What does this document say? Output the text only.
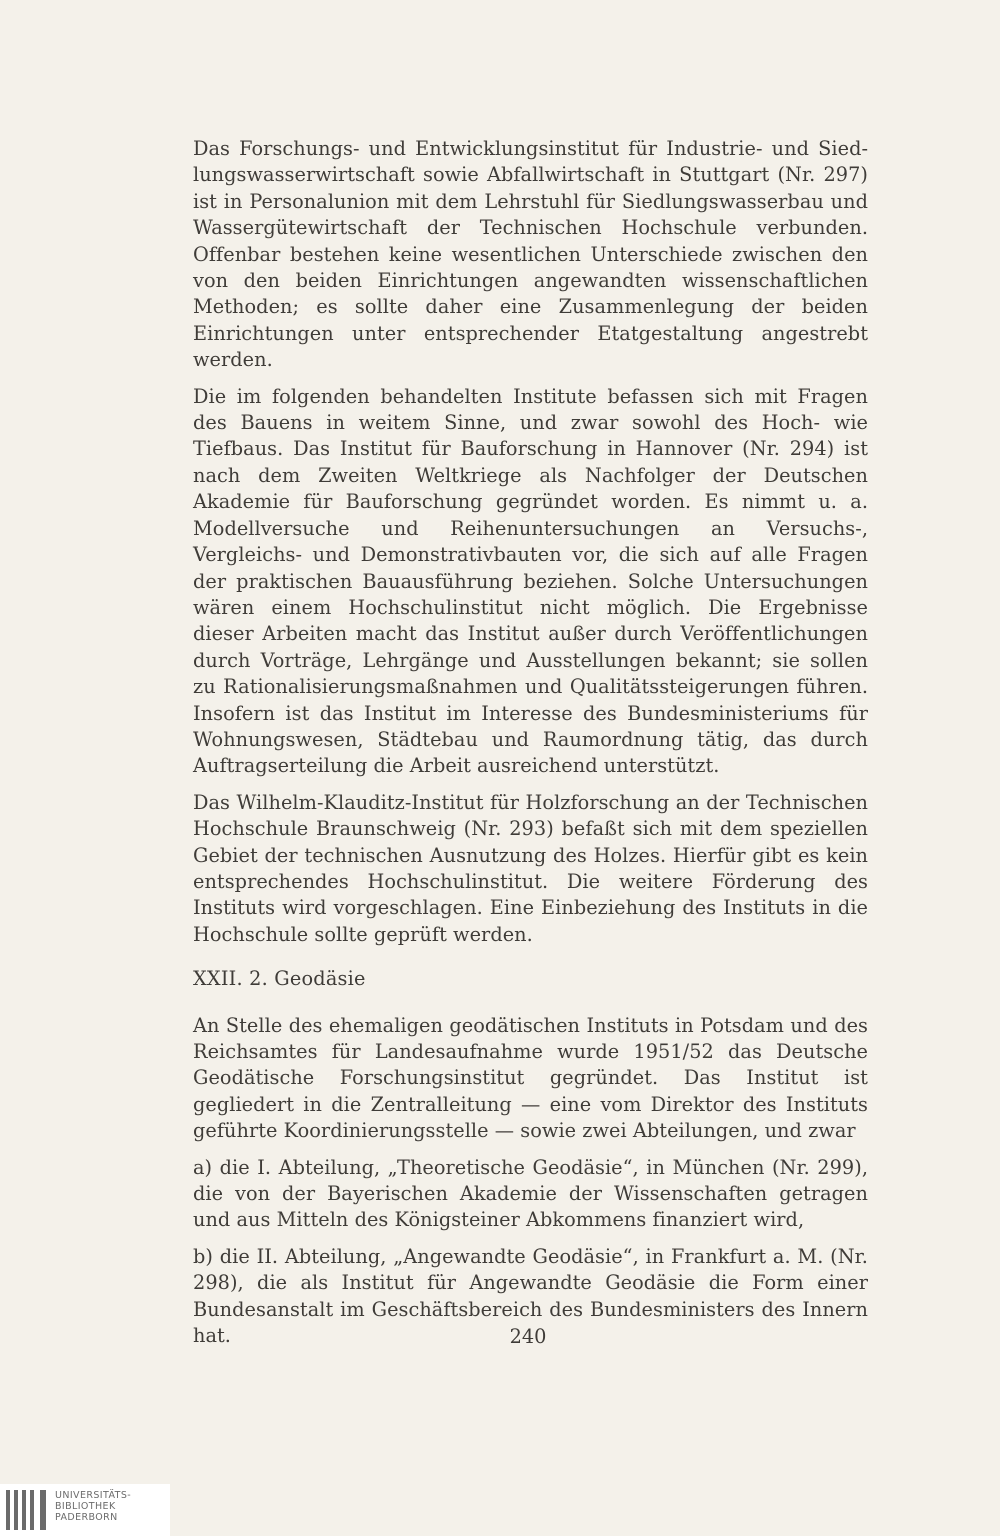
Das Forschungs- und Entwicklungsinstitut für Industrie- und Siedlungswasserwirtschaft sowie Abfallwirtschaft in Stuttgart (Nr. 297) ist in Personalunion mit dem Lehrstuhl für Siedlungswasserbau und Wassergütewirtschaft der Technischen Hochschule verbunden. Offenbar bestehen keine wesentlichen Unterschiede zwischen den von den beiden Einrichtungen angewandten wissenschaftlichen Methoden; es sollte daher eine Zusammenlegung der beiden Einrichtungen unter entsprechender Etatgestaltung angestrebt werden.

Die im folgenden behandelten Institute befassen sich mit Fragen des Bauens in weitem Sinne, und zwar sowohl des Hoch- wie Tiefbaus. Das Institut für Bauforschung in Hannover (Nr. 294) ist nach dem Zweiten Weltkriege als Nachfolger der Deutschen Akademie für Bauforschung gegründet worden. Es nimmt u. a. Modellversuche und Reihenuntersuchungen an Versuchs-, Vergleichs- und Demonstrativbauten vor, die sich auf alle Fragen der praktischen Bauausführung beziehen. Solche Untersuchungen wären einem Hochschulinstitut nicht möglich. Die Ergebnisse dieser Arbeiten macht das Institut außer durch Veröffentlichungen durch Vorträge, Lehrgänge und Ausstellungen bekannt; sie sollen zu Rationalisierungsmaßnahmen und Qualitätssteigerungen führen. Insofern ist das Institut im Interesse des Bundesministeriums für Wohnungswesen, Städtebau und Raumordnung tätig, das durch Auftragserteilung die Arbeit ausreichend unterstützt.

Das Wilhelm-Klauditz-Institut für Holzforschung an der Technischen Hochschule Braunschweig (Nr. 293) befaßt sich mit dem speziellen Gebiet der technischen Ausnutzung des Holzes. Hierfür gibt es kein entsprechendes Hochschulinstitut. Die weitere Förderung des Instituts wird vorgeschlagen. Eine Einbeziehung des Instituts in die Hochschule sollte geprüft werden.

XXII. 2. Geodäsie

An Stelle des ehemaligen geodätischen Instituts in Potsdam und des Reichsamtes für Landesaufnahme wurde 1951/52 das Deutsche Geodätische Forschungsinstitut gegründet. Das Institut ist gegliedert in die Zentralleitung — eine vom Direktor des Instituts geführte Koordinierungsstelle — sowie zwei Abteilungen, und zwar

a) die I. Abteilung, „Theoretische Geodäsie“, in München (Nr. 299), die von der Bayerischen Akademie der Wissenschaften getragen und aus Mitteln des Königsteiner Abkommens finanziert wird,

b) die II. Abteilung, „Angewandte Geodäsie“, in Frankfurt a. M. (Nr. 298), die als Institut für Angewandte Geodäsie die Form einer Bundesanstalt im Geschäftsbereich des Bundesministers des Innern hat.	240
UNIVERSITÄTS-
BIBLIOTHEK
PADERBORN
